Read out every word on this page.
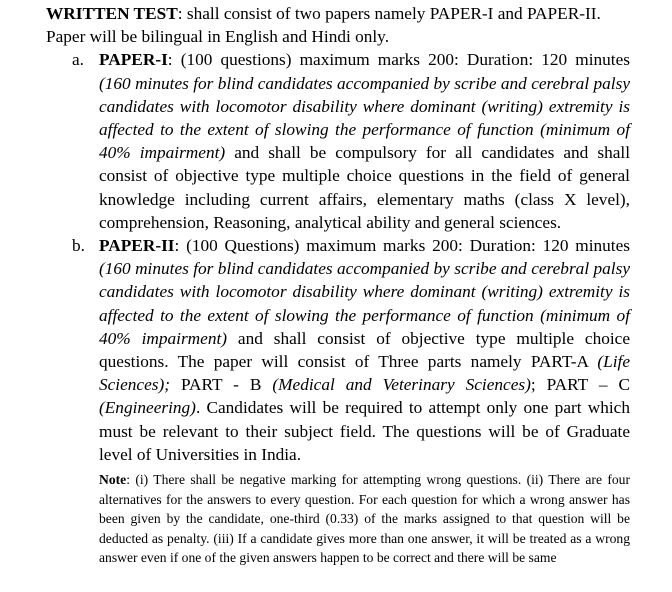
WRITTEN TEST: shall consist of two papers namely PAPER-I and PAPER-II.
Paper will be bilingual in English and Hindi only.

a. PAPER-I: (100 questions) maximum marks 200: Duration: 120 minutes (160 minutes for blind candidates accompanied by scribe and cerebral palsy candidates with locomotor disability where dominant (writing) extremity is affected to the extent of slowing the performance of function (minimum of 40% impairment) and shall be compulsory for all candidates and shall consist of objective type multiple choice questions in the field of general knowledge including current affairs, elementary maths (class X level), comprehension, Reasoning, analytical ability and general sciences.
b. PAPER-II: (100 Questions) maximum marks 200: Duration: 120 minutes (160 minutes for blind candidates accompanied by scribe and cerebral palsy candidates with locomotor disability where dominant (writing) extremity is affected to the extent of slowing the performance of function (minimum of 40% impairment) and shall consist of objective type multiple choice questions. The paper will consist of Three parts namely PART-A (Life Sciences); PART - B (Medical and Veterinary Sciences); PART – C (Engineering). Candidates will be required to attempt only one part which must be relevant to their subject field. The questions will be of Graduate level of Universities in India.

Note: (i) There shall be negative marking for attempting wrong questions. (ii) There are four alternatives for the answers to every question. For each question for which a wrong answer has been given by the candidate, one-third (0.33) of the marks assigned to that question will be deducted as penalty. (iii) If a candidate gives more than one answer, it will be treated as a wrong answer even if one of the given answers happen to be correct and there will be same
